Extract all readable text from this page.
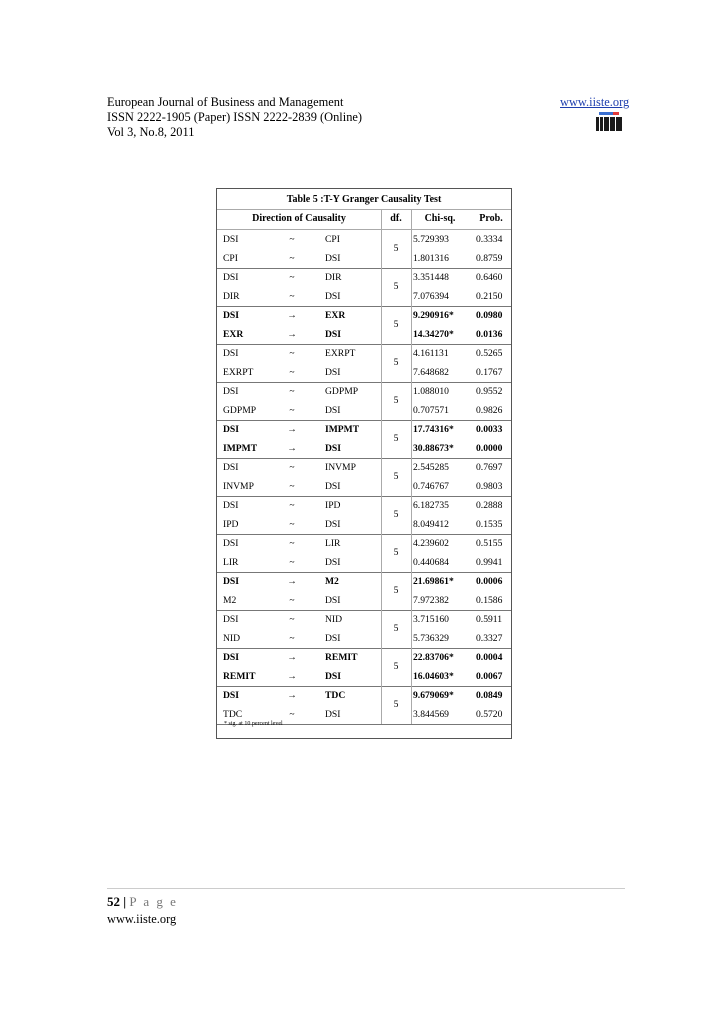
European Journal of Business and Management
ISSN 2222-1905 (Paper) ISSN 2222-2839 (Online)
Vol 3, No.8, 2011
www.iiste.org
Table 5 :T-Y Granger Causality Test
Direction of Causality	df.	Chi-sq.	Prob.
5
DSI	~	CPI	5.729393	0.3334
CPI	~	DSI	1.801316	0.8759
5
DSI	~	DIR	3.351448	0.6460
DIR	~	DSI	7.076394	0.2150
5
DSI	→	EXR	9.290916* 0.0980
EXR	→	DSI	14.34270* 0.0136
5
DSI	~	EXRPT	4.161131	0.5265
EXRPT	~	DSI	7.648682	0.1767
5
DSI	~	GDPMP	1.088010	0.9552
GDPMP	~	DSI	0.707571	0.9826
5
DSI	→	IMPMT	17.74316* 0.0033
IMPMT	→	DSI	30.88673* 0.0000
5
DSI	~	INVMP	2.545285	0.7697
INVMP	~	DSI	0.746767	0.9803
5
DSI	~	IPD	6.182735	0.2888
IPD	~	DSI	8.049412	0.1535
5
DSI	~	LIR	4.239602	0.5155
LIR	~	DSI	0.440684	0.9941
5
DSI	→	M2	21.69861* 0.0006
M2	~	DSI	7.972382	0.1586
5
DSI	~	NID	3.715160	0.5911
NID	~	DSI	5.736329	0.3327
5
DSI	→	REMIT	22.83706* 0.0004
REMIT	→	DSI	16.04603* 0.0067
5
DSI	→	TDC	9.679069* 0.0849
TDC	~	DSI	3.844569	0.5720
* sig. at 10 percent level
52 | P a g e
www.iiste.org
